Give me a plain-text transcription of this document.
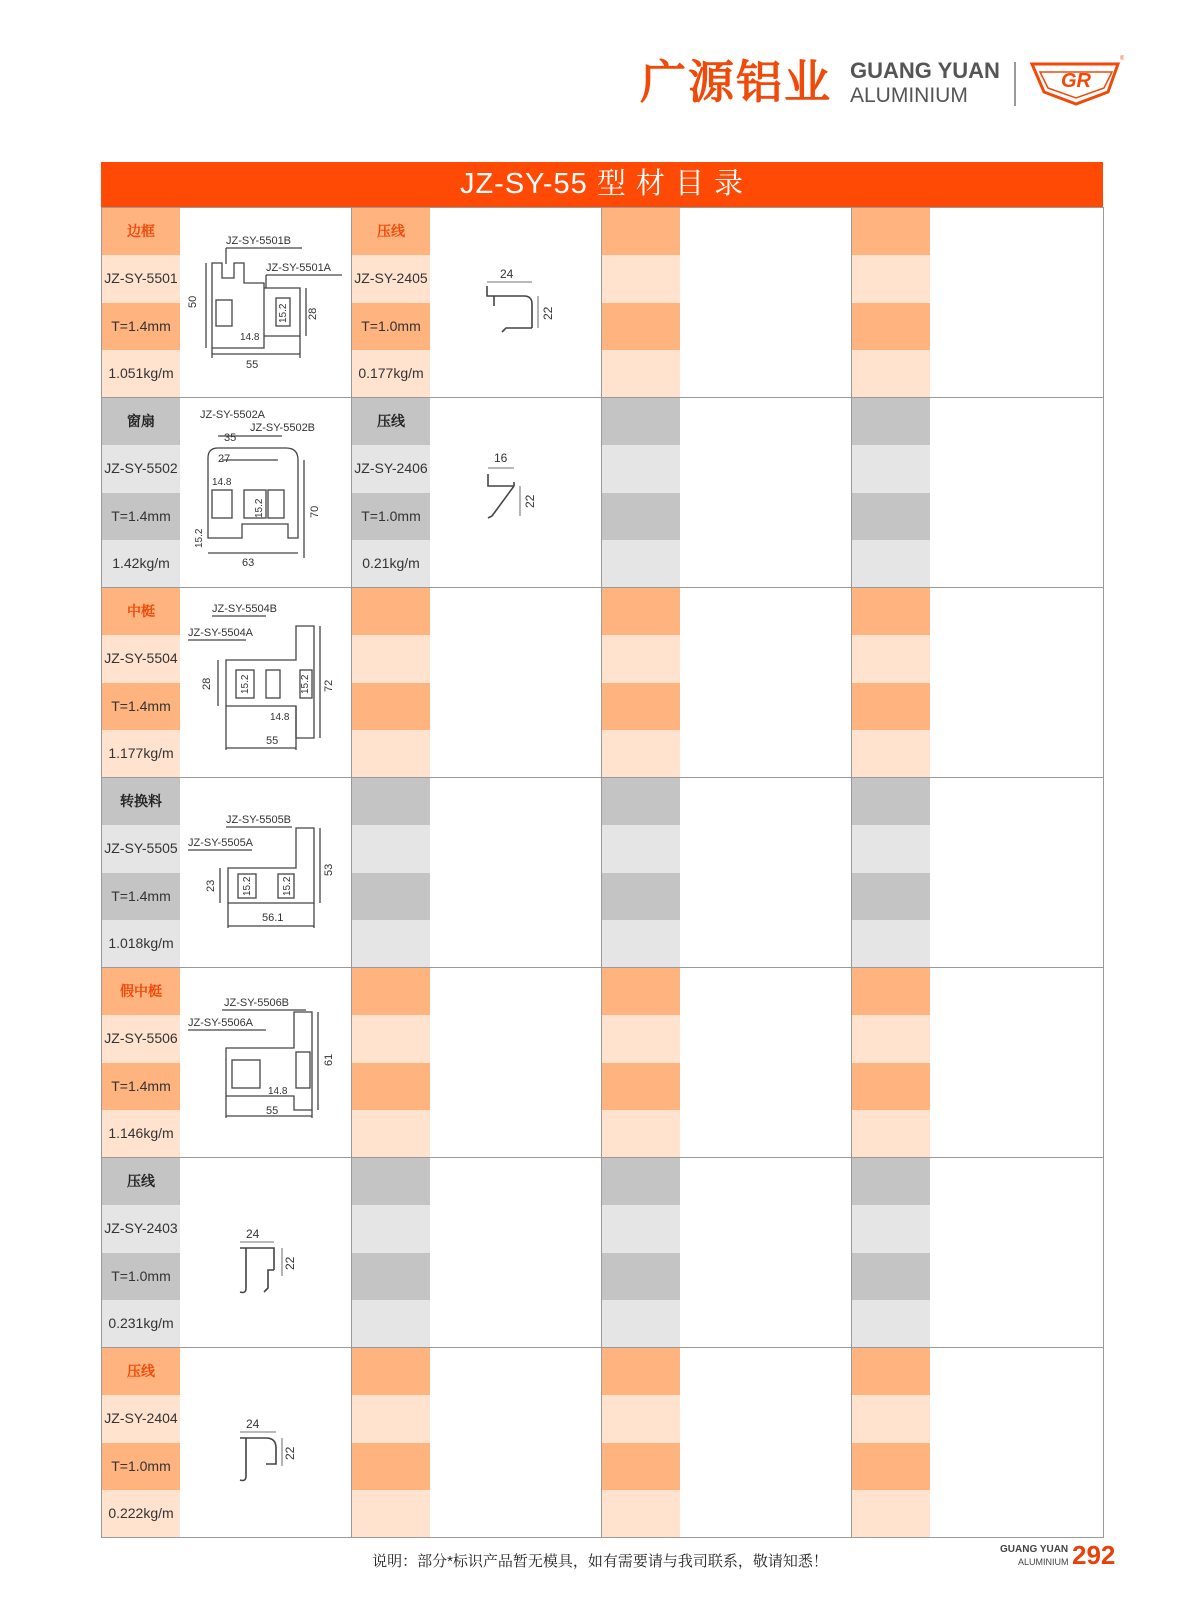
广源铝业 GUANG YUAN
ALUMINIUM
GR
®
JZ-SY-55 型 材 目 录
边框
JZ-SY-5501
T=1.4mm
1.051kg/m
JZ-SY-5501B
JZ-SY-5501A
50
15.2 28
14.8
55
压线
JZ-SY-2405
T=1.0mm
0.177kg/m
24
22
窗扇
JZ-SY-5502
T=1.4mm
1.42kg/m
JZ-SY-5502A
JZ-SY-5502B
35
27
14.8
15.2	70
15.2
63
压线
JZ-SY-2406
T=1.0mm
0.21kg/m
16
22
中梃
JZ-SY-5504
T=1.4mm
1.177kg/m
JZ-SY-5504B
JZ-SY-5504A
28	15.2	15.2 72
14.8
55
转换料
JZ-SY-5505
T=1.4mm
1.018kg/m
JZ-SY-5505B
JZ-SY-5505A
23	15.2	15.2
53
56.1
假中梃
JZ-SY-5506
T=1.4mm
1.146kg/m
JZ-SY-5506B
JZ-SY-5506A
61
14.8
55
压线
JZ-SY-2403
T=1.0mm
0.231kg/m
24
22
压线
JZ-SY-2404
T=1.0mm
0.222kg/m
24
22
说明：部分*标识产品暂无模具，如有需要请与我司联系，敬请知悉！
GUANG YUAN
ALUMINIUM 292
